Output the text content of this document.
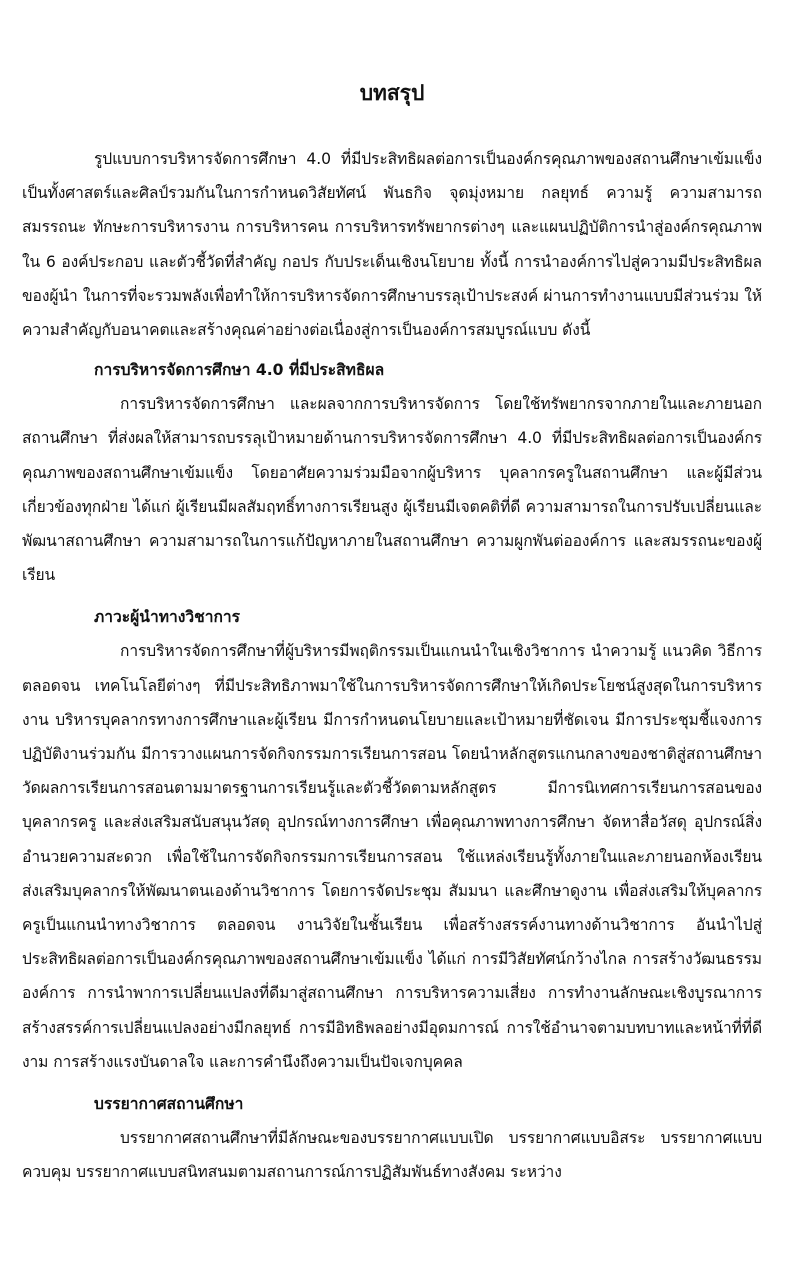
บทสรุป

รูปแบบการบริหารจัดการศึกษา 4.0 ที่มีประสิทธิผลต่อการเป็นองค์กรคุณภาพของสถานศึกษาเข้มแข็ง เป็นทั้งศาสตร์และศิลป์รวมกันในการกำหนดวิสัยทัศน์ พันธกิจ จุดมุ่งหมาย กลยุทธ์ ความรู้ ความสามารถ สมรรถนะ ทักษะการบริหารงาน การบริหารคน การบริหารทรัพยากรต่างๆ และแผนปฏิบัติการนำสู่องค์กรคุณภาพ ใน 6 องค์ประกอบ และตัวชี้วัดที่สำคัญ กอปร กับประเด็นเชิงนโยบาย ทั้งนี้ การนำองค์การไปสู่ความมีประสิทธิผลของผู้นำ ในการที่จะรวมพลังเพื่อทำให้การบริหารจัดการศึกษาบรรลุเป้าประสงค์ ผ่านการทำงานแบบมีส่วนร่วม ให้ความสำคัญกับอนาคตและสร้างคุณค่าอย่างต่อเนื่องสู่การเป็นองค์การสมบูรณ์แบบ ดังนี้

การบริหารจัดการศึกษา 4.0 ที่มีประสิทธิผล

การบริหารจัดการศึกษา และผลจากการบริหารจัดการ โดยใช้ทรัพยากรจากภายในและภายนอกสถานศึกษา ที่ส่งผลให้สามารถบรรลุเป้าหมายด้านการบริหารจัดการศึกษา 4.0 ที่มีประสิทธิผลต่อการเป็นองค์กรคุณภาพของสถานศึกษาเข้มแข็ง โดยอาศัยความร่วมมือจากผู้บริหาร บุคลากรครูในสถานศึกษา และผู้มีส่วนเกี่ยวข้องทุกฝ่าย ได้แก่ ผู้เรียนมีผลสัมฤทธิ์ทางการเรียนสูง ผู้เรียนมีเจตคติที่ดี ความสามารถในการปรับเปลี่ยนและพัฒนาสถานศึกษา ความสามารถในการแก้ปัญหาภายในสถานศึกษา ความผูกพันต่อองค์การ และสมรรถนะของผู้เรียน

ภาวะผู้นำทางวิชาการ

การบริหารจัดการศึกษาที่ผู้บริหารมีพฤติกรรมเป็นแกนนำในเชิงวิชาการ นำความรู้ แนวคิด วิธีการ ตลอดจน เทคโนโลยีต่างๆ ที่มีประสิทธิภาพมาใช้ในการบริหารจัดการศึกษาให้เกิดประโยชน์สูงสุดในการบริหารงาน บริหารบุคลากรทางการศึกษาและผู้เรียน มีการกำหนดนโยบายและเป้าหมายที่ชัดเจน มีการประชุมชี้แจงการปฏิบัติงานร่วมกัน มีการวางแผนการจัดกิจกรรมการเรียนการสอน โดยนำหลักสูตรแกนกลางของชาติสู่สถานศึกษา วัดผลการเรียนการสอนตามมาตรฐานการเรียนรู้และตัวชี้วัดตามหลักสูตร มีการนิเทศการเรียนการสอนของบุคลากรครู และส่งเสริมสนับสนุนวัสดุ อุปกรณ์ทางการศึกษา เพื่อคุณภาพทางการศึกษา จัดหาสื่อวัสดุ อุปกรณ์สิ่งอำนวยความสะดวก เพื่อใช้ในการจัดกิจกรรมการเรียนการสอน ใช้แหล่งเรียนรู้ทั้งภายในและภายนอกห้องเรียน ส่งเสริมบุคลากรให้พัฒนาตนเองด้านวิชาการ โดยการจัดประชุม สัมมนา และศึกษาดูงาน เพื่อส่งเสริมให้บุคลากรครูเป็นแกนนำทางวิชาการ ตลอดจน งานวิจัยในชั้นเรียน เพื่อสร้างสรรค์งานทางด้านวิชาการ อันนำไปสู่ประสิทธิผลต่อการเป็นองค์กรคุณภาพของสถานศึกษาเข้มแข็ง ได้แก่ การมีวิสัยทัศน์กว้างไกล การสร้างวัฒนธรรมองค์การ การนำพาการเปลี่ยนแปลงที่ดีมาสู่สถานศึกษา การบริหารความเสี่ยง การทำงานลักษณะเชิงบูรณาการ สร้างสรรค์การเปลี่ยนแปลงอย่างมีกลยุทธ์ การมีอิทธิพลอย่างมีอุดมการณ์ การใช้อำนาจตามบทบาทและหน้าที่ที่ดีงาม การสร้างแรงบันดาลใจ และการคำนึงถึงความเป็นปัจเจกบุคคล

บรรยากาศสถานศึกษา

บรรยากาศสถานศึกษาที่มีลักษณะของบรรยากาศแบบเปิด บรรยากาศแบบอิสระ บรรยากาศแบบควบคุม บรรยากาศแบบสนิทสนมตามสถานการณ์การปฏิสัมพันธ์ทางสังคม ระหว่าง
